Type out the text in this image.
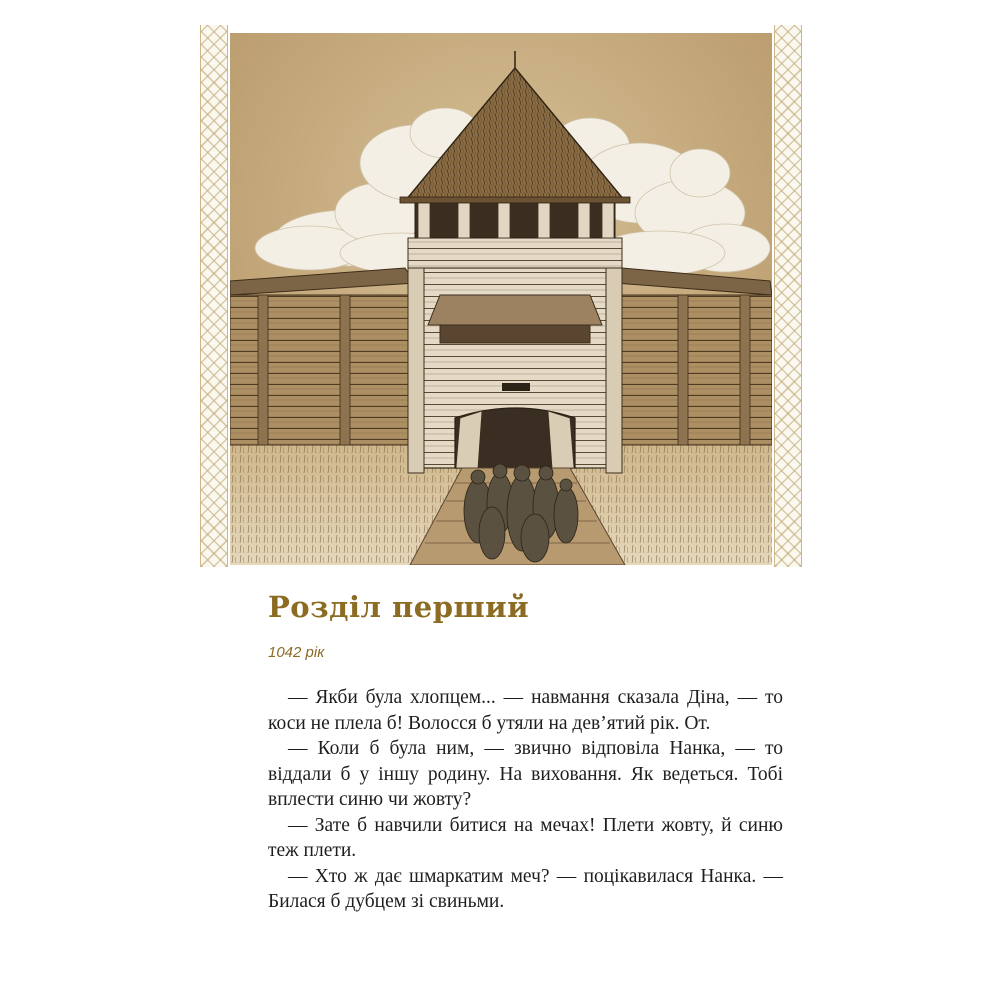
Розділ перший
1042 рік

— Якби була хлопцем... — навмання сказала Діна, — то коси не плела б! Волосся б утяли на дев’ятий рік. От.

— Коли б була ним, — звично відповіла Нанка, — то віддали б у іншу родину. На виховання. Як ведеться. Тобі вплести синю чи жовту?

— Зате б навчили битися на мечах! Плети жовту, й синю теж плети.

— Хто ж дає шмаркатим меч? — поцікавилася Нанка. — Билася б дубцем зі свиньми.
